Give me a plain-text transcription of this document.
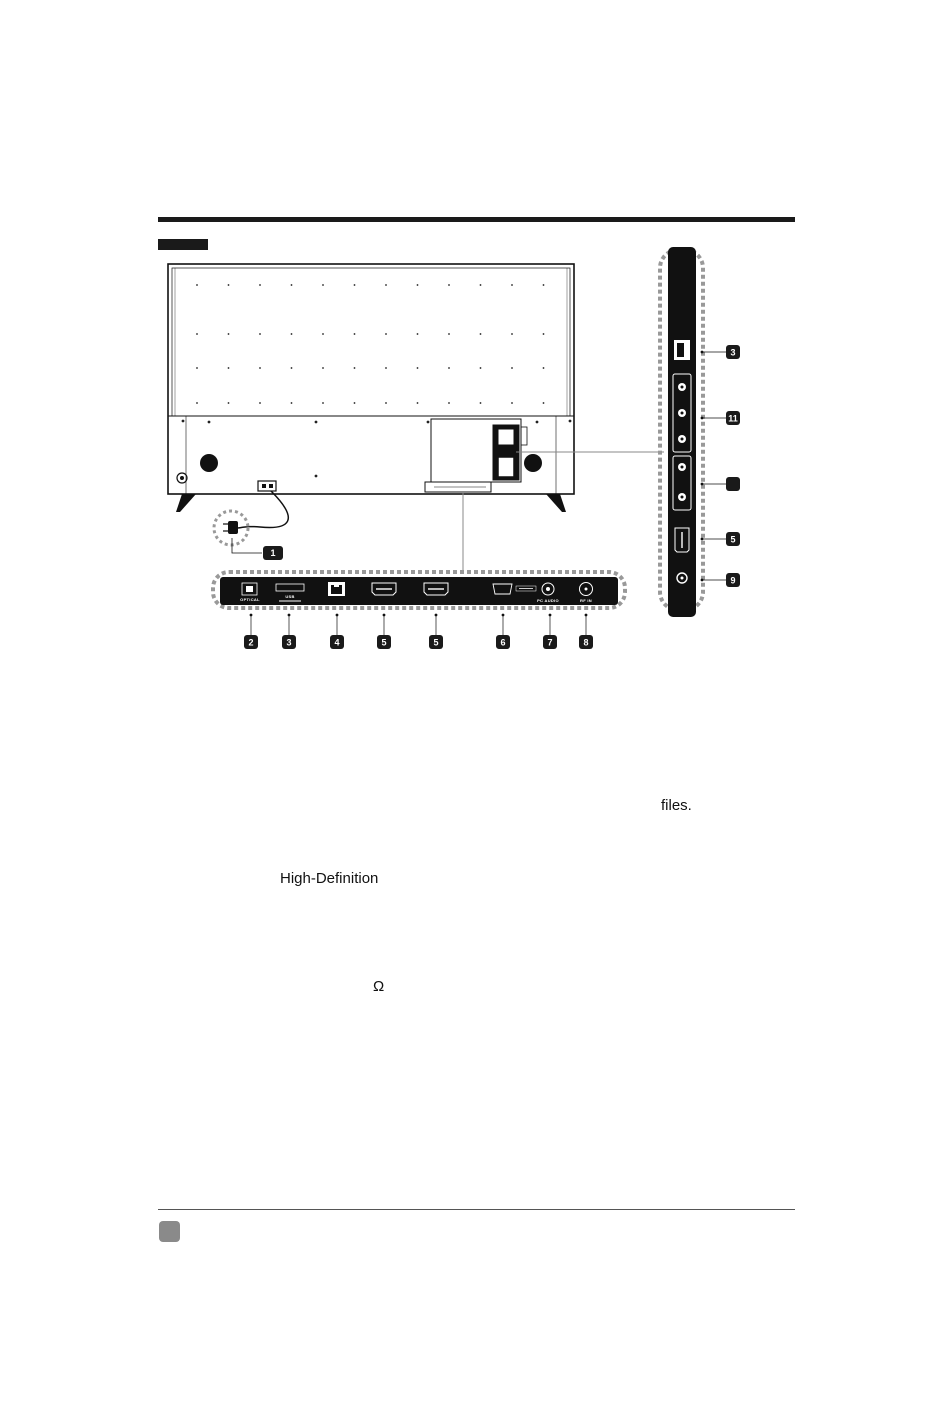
1
OPTICAL
USB
PC AUDIO	RF IN
2	3	4	5	5	6	7	8
3
11
5
9
files.
High-Definition
Ω
